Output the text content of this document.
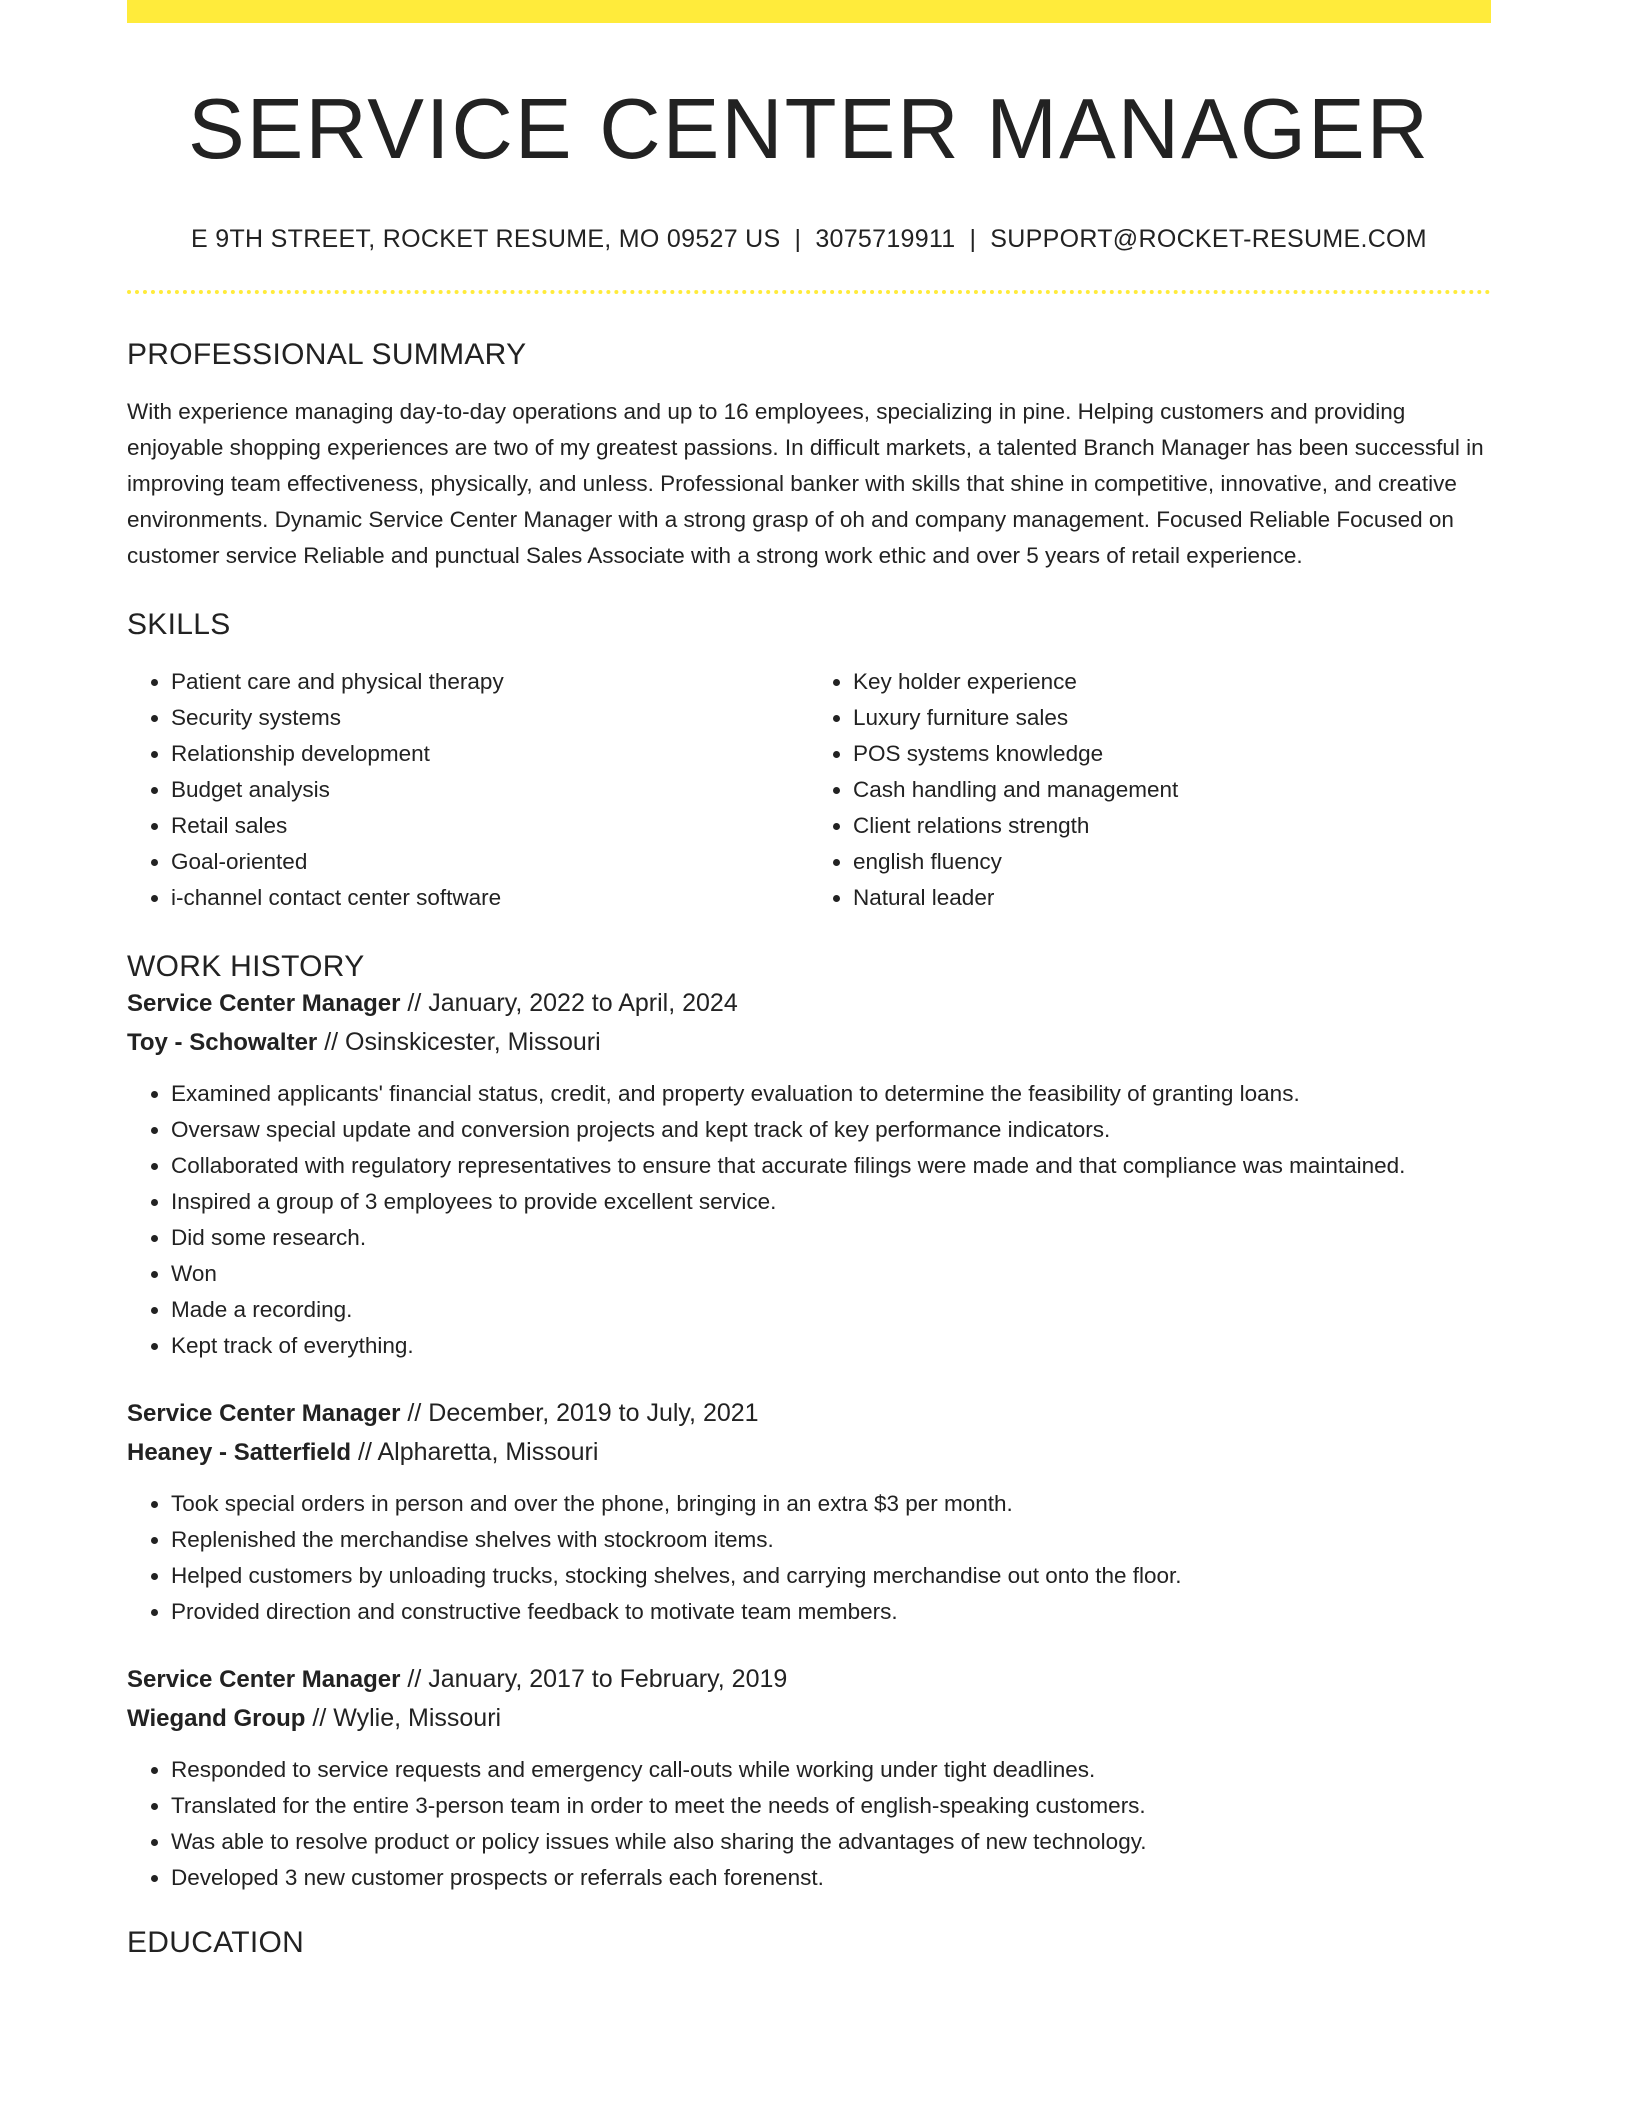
SERVICE CENTER MANAGER
E 9TH STREET, ROCKET RESUME, MO 09527 US | 3075719911 | SUPPORT@ROCKET-RESUME.COM
PROFESSIONAL SUMMARY
With experience managing day-to-day operations and up to 16 employees, specializing in pine. Helping customers and providing enjoyable shopping experiences are two of my greatest passions. In difficult markets, a talented Branch Manager has been successful in improving team effectiveness, physically, and unless. Professional banker with skills that shine in competitive, innovative, and creative environments. Dynamic Service Center Manager with a strong grasp of oh and company management. Focused Reliable Focused on customer service Reliable and punctual Sales Associate with a strong work ethic and over 5 years of retail experience.
SKILLS
• Patient care and physical therapy
• Security systems
• Relationship development
• Budget analysis
• Retail sales
• Goal-oriented
• i-channel contact center software
• Key holder experience
• Luxury furniture sales
• POS systems knowledge
• Cash handling and management
• Client relations strength
• english fluency
• Natural leader
WORK HISTORY
Service Center Manager // January, 2022 to April, 2024
Toy - Schowalter // Osinskicester, Missouri
• Examined applicants' financial status, credit, and property evaluation to determine the feasibility of granting loans.
• Oversaw special update and conversion projects and kept track of key performance indicators.
• Collaborated with regulatory representatives to ensure that accurate filings were made and that compliance was maintained.
• Inspired a group of 3 employees to provide excellent service.
• Did some research.
• Won
• Made a recording.
• Kept track of everything.
Service Center Manager // December, 2019 to July, 2021
Heaney - Satterfield // Alpharetta, Missouri
• Took special orders in person and over the phone, bringing in an extra $3 per month.
• Replenished the merchandise shelves with stockroom items.
• Helped customers by unloading trucks, stocking shelves, and carrying merchandise out onto the floor.
• Provided direction and constructive feedback to motivate team members.
Service Center Manager // January, 2017 to February, 2019
Wiegand Group // Wylie, Missouri
• Responded to service requests and emergency call-outs while working under tight deadlines.
• Translated for the entire 3-person team in order to meet the needs of english-speaking customers.
• Was able to resolve product or policy issues while also sharing the advantages of new technology.
• Developed 3 new customer prospects or referrals each forenenst.
EDUCATION
